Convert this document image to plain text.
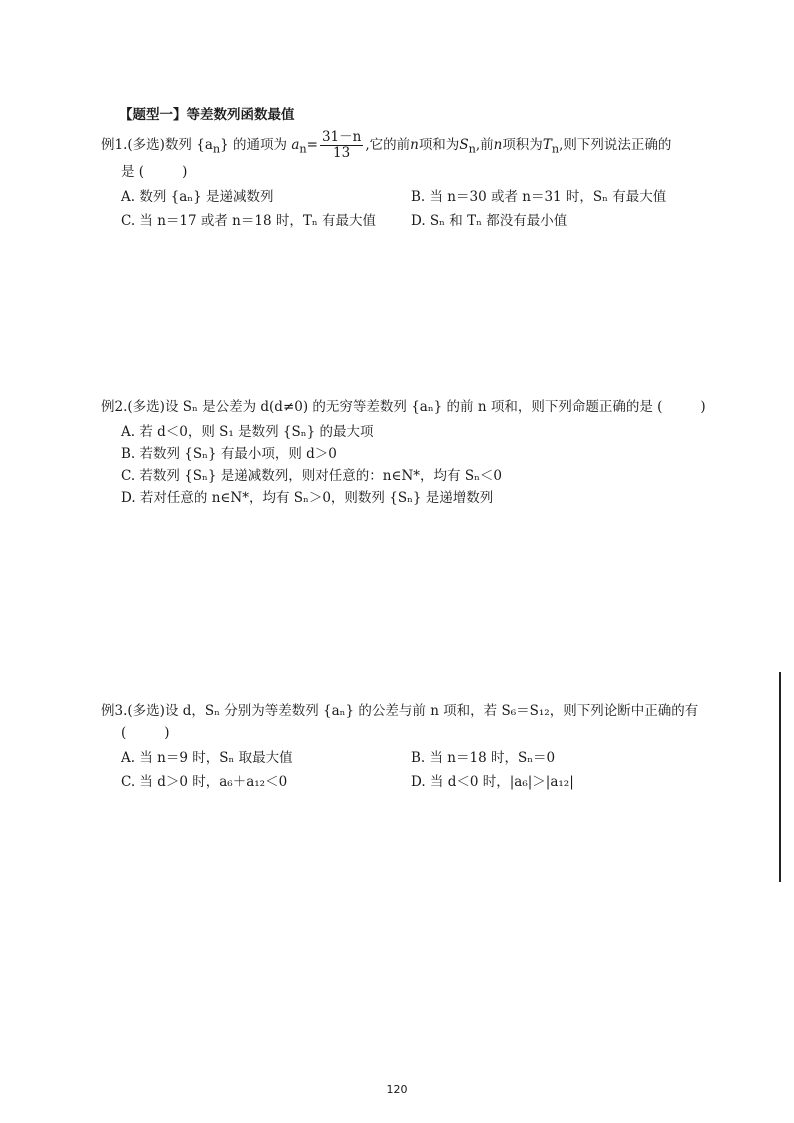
【题型一】等差数列函数最值
例1.(多选)数列 $\{a_n\}$ 的通项为 $a_n= \frac{31-n}{13}$ ,它的前n项和为$S_n$,前n项积为$T_n$,则下列说法正确的
是 (	)
A. 数列 {aₙ} 是递减数列	B. 当 n＝30 或者 n＝31 时，Sₙ 有最大值
C. 当 n＝17 或者 n＝18 时，Tₙ 有最大值	D. Sₙ 和 Tₙ 都没有最小值
例2.(多选)设 Sₙ 是公差为 d(d≠0) 的无穷等差数列 {aₙ} 的前 n 项和，则下列命题正确的是 (	)
A. 若 d＜0，则 S₁ 是数列 {Sₙ} 的最大项
B. 若数列 {Sₙ} 有最小项，则 d＞0
C. 若数列 {Sₙ} 是递减数列，则对任意的：n∈N*，均有 Sₙ＜0
D. 若对任意的 n∈N*，均有 Sₙ＞0，则数列 {Sₙ} 是递增数列
例3.(多选)设 d，Sₙ 分别为等差数列 {aₙ} 的公差与前 n 项和，若 S₆＝S₁₂，则下列论断中正确的有
(	)
A. 当 n＝9 时，Sₙ 取最大值	B. 当 n＝18 时，Sₙ＝0
C. 当 d＞0 时，a₆＋a₁₂＜0	D. 当 d＜0 时，|a₆|＞|a₁₂|
120
